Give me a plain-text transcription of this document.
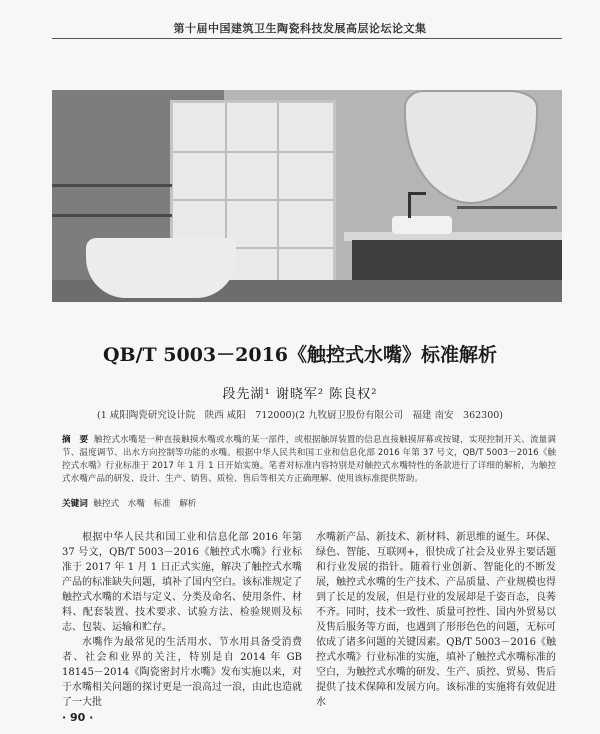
第十届中国建筑卫生陶瓷科技发展高层论坛论文集
QB/T 5003－2016《触控式水嘴》标准解析
段先湖¹ 谢晓军² 陈良权²
(1 咸阳陶瓷研究设计院　陕西 咸阳　712000)(2 九牧厨卫股份有限公司　福建 南安　362300)
摘　要 触控式水嘴是一种直接触摸水嘴或水嘴的某一部件，或根据触屏装置的信息直接触摸屏幕或按键，实现控制开关、流量调节、温度调节、出水方向控制等功能的水嘴。根据中华人民共和国工业和信息化部 2016 年第 37 号文，QB/T 5003－2016《触控式水嘴》行业标准于 2017 年 1 月 1 日开始实施。笔者对标准内容特别是对触控式水嘴特性的条款进行了详细的解析，为触控式水嘴产品的研发、设计、生产、销售、质检、售后等相关方正确理解、使用该标准提供帮助。
关键词 触控式　水嘴　标准　解析

根据中华人民共和国工业和信息化部 2016 年第 37 号文，QB/T 5003－2016《触控式水嘴》行业标准于 2017 年 1 月 1 日正式实施，解决了触控式水嘴产品的标准缺失问题，填补了国内空白。该标准规定了触控式水嘴的术语与定义、分类及命名、使用条件、材料、配套装置、技术要求、试验方法、检验规则及标志、包装、运输和贮存。

水嘴作为最常见的生活用水、节水用具备受消费者、社会和业界的关注，特别是自 2014 年 GB 18145－2014《陶瓷密封片水嘴》发布实施以来，对于水嘴相关问题的探讨更是一浪高过一浪，由此也造就了一大批

水嘴新产品、新技术、新材料、新思维的诞生。环保、绿色、智能、互联网+，很快成了社会及业界主要话题和行业发展的指针。随着行业创新、智能化的不断发展，触控式水嘴的生产技术、产品质量、产业规模也得到了长足的发展，但是行业的发展却是千姿百态，良莠不齐。同时，技术一致性、质量可控性、国内外贸易以及售后服务等方面，也遇到了形形色色的问题，无标可依成了诸多问题的关键因素。QB/T 5003－2016《触控式水嘴》行业标准的实施，填补了触控式水嘴标准的空白，为触控式水嘴的研发、生产、质控、贸易、售后提供了技术保障和发展方向。该标准的实施将有效促进水

· 90 ·
